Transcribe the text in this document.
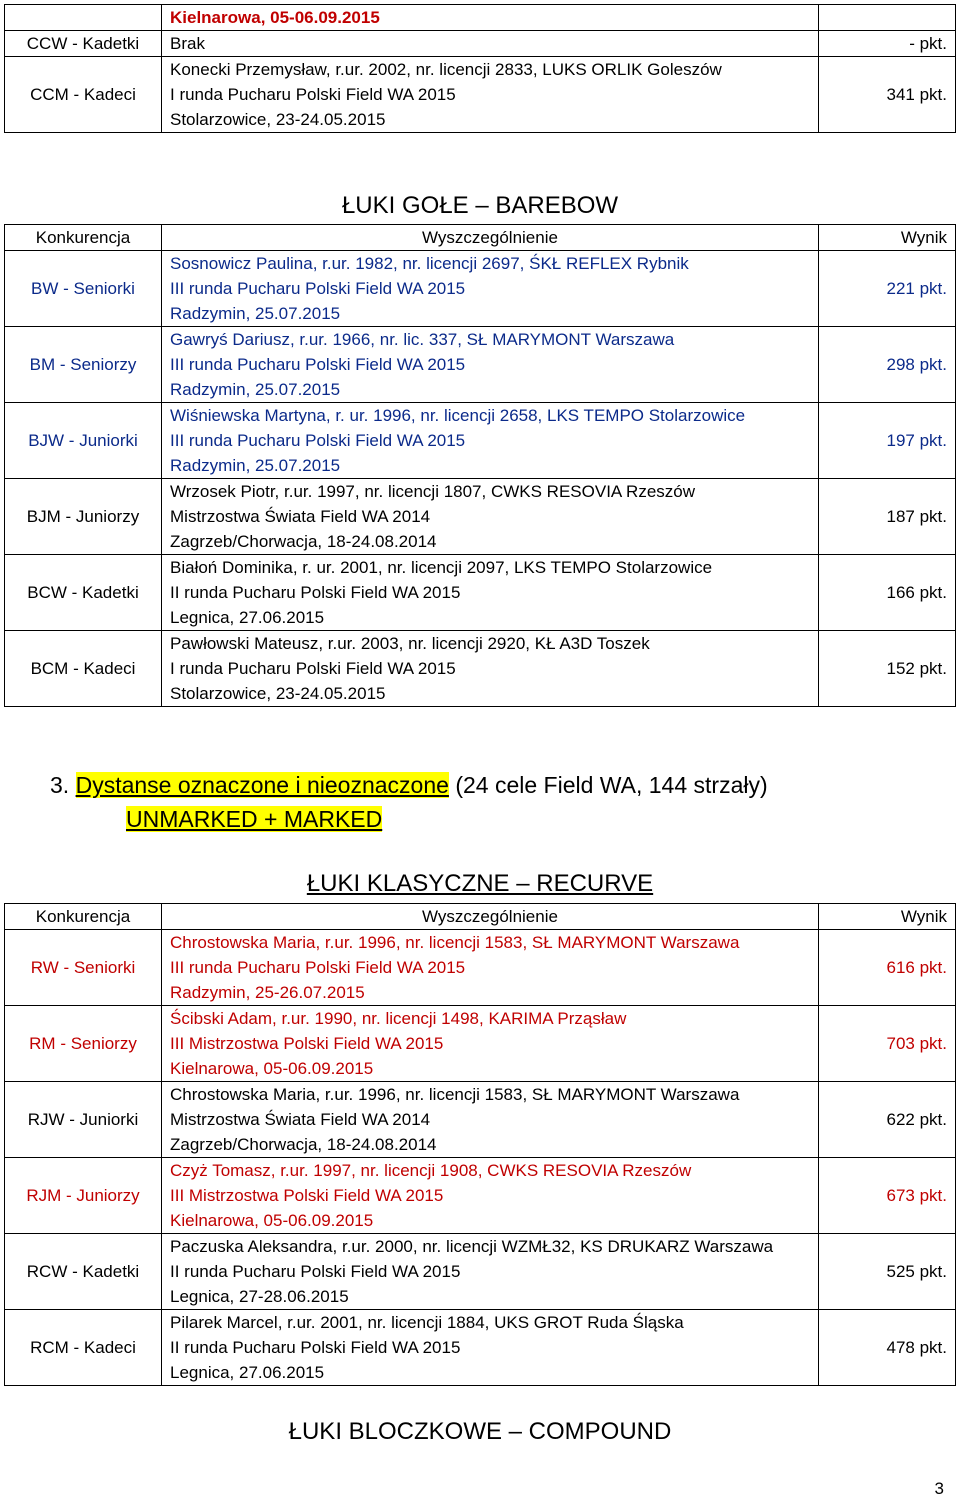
	Kielnarowa, 05-06.09.2015	

CCW - Kadetki	Brak	- pkt.
CCM - Kadeci	Konecki Przemysław, r.ur. 2002, nr. licencji 2833, LUKS ORLIK Goleszów
I runda Pucharu Polski Field WA 2015
Stolarzowice, 23-24.05.2015	341 pkt.
ŁUKI GOŁE – BAREBOW
Konkurencja	Wyszczególnienie	Wynik
BW - Seniorki	Sosnowicz Paulina, r.ur. 1982, nr. licencji 2697, ŚKŁ REFLEX Rybnik
III runda Pucharu Polski Field WA 2015
Radzymin, 25.07.2015	221 pkt.
BM - Seniorzy	Gawryś Dariusz, r.ur. 1966, nr. lic. 337, SŁ MARYMONT Warszawa
III runda Pucharu Polski Field WA 2015
Radzymin, 25.07.2015	298 pkt.
BJW - Juniorki	Wiśniewska Martyna, r. ur. 1996, nr. licencji 2658, LKS TEMPO Stolarzowice
III runda Pucharu Polski Field WA 2015
Radzymin, 25.07.2015	197 pkt.
BJM - Juniorzy	Wrzosek Piotr, r.ur. 1997, nr. licencji 1807, CWKS RESOVIA Rzeszów
Mistrzostwa Świata Field WA 2014
Zagrzeb/Chorwacja, 18-24.08.2014	187 pkt.
BCW - Kadetki	Białoń Dominika, r. ur. 2001, nr. licencji 2097, LKS TEMPO Stolarzowice
II runda Pucharu Polski Field WA 2015
Legnica, 27.06.2015	166 pkt.
BCM - Kadeci	Pawłowski Mateusz, r.ur. 2003, nr. licencji 2920, KŁ A3D Toszek
I runda Pucharu Polski Field WA 2015
Stolarzowice, 23-24.05.2015	152 pkt.
3. Dystanse oznaczone i nieoznaczone (24 cele Field WA, 144 strzały)
UNMARKED + MARKED
ŁUKI KLASYCZNE – RECURVE
Konkurencja	Wyszczególnienie	Wynik
RW - Seniorki	Chrostowska Maria, r.ur. 1996, nr. licencji 1583, SŁ MARYMONT Warszawa
III runda Pucharu Polski Field WA 2015
Radzymin, 25-26.07.2015	616 pkt.
RM - Seniorzy	Ścibski Adam, r.ur. 1990, nr. licencji 1498, KARIMA Prząsław
III Mistrzostwa Polski Field WA 2015
Kielnarowa, 05-06.09.2015	703 pkt.
RJW - Juniorki	Chrostowska Maria, r.ur. 1996, nr. licencji 1583, SŁ MARYMONT Warszawa
Mistrzostwa Świata Field WA 2014
Zagrzeb/Chorwacja, 18-24.08.2014	622 pkt.
RJM - Juniorzy	Czyż Tomasz, r.ur. 1997, nr. licencji 1908, CWKS RESOVIA Rzeszów
III Mistrzostwa Polski Field WA 2015
Kielnarowa, 05-06.09.2015	673 pkt.
RCW - Kadetki	Paczuska Aleksandra, r.ur. 2000, nr. licencji WZMŁ32, KS DRUKARZ Warszawa
II runda Pucharu Polski Field WA 2015
Legnica, 27-28.06.2015	525 pkt.
RCM - Kadeci	Pilarek Marcel, r.ur. 2001, nr. licencji 1884, UKS GROT Ruda Śląska
II runda Pucharu Polski Field WA 2015
Legnica, 27.06.2015	478 pkt.
ŁUKI BLOCZKOWE – COMPOUND
3
